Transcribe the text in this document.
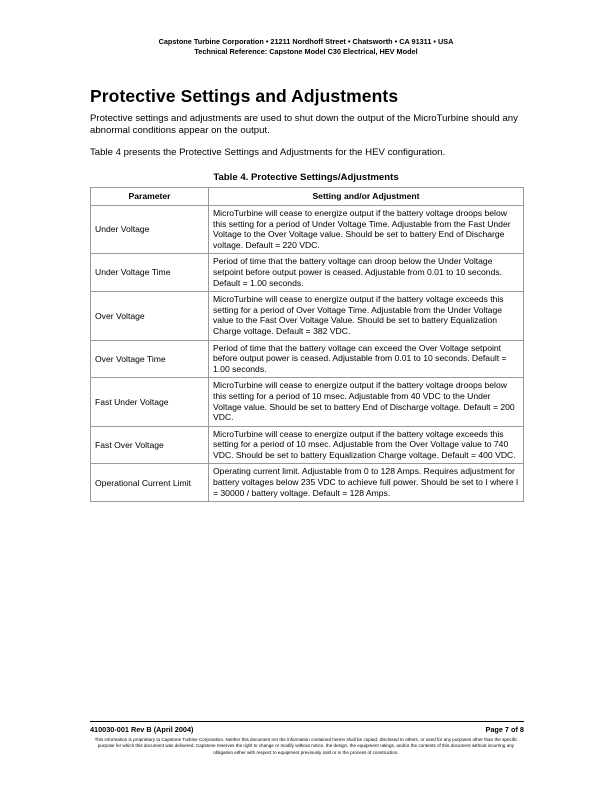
Capstone Turbine Corporation • 21211 Nordhoff Street • Chatsworth • CA 91311 • USA
Technical Reference: Capstone Model C30 Electrical, HEV Model
Protective Settings and Adjustments

Protective settings and adjustments are used to shut down the output of the MicroTurbine should any abnormal conditions appear on the output.

Table 4 presents the Protective Settings and Adjustments for the HEV configuration.

Table 4. Protective Settings/Adjustments
Parameter	Setting and/or Adjustment
Under Voltage	MicroTurbine will cease to energize output if the battery voltage droops below this setting for a period of Under Voltage Time. Adjustable from the Fast Under Voltage to the Over Voltage value. Should be set to battery End of Discharge voltage. Default = 220 VDC.
Under Voltage Time	Period of time that the battery voltage can droop below the Under Voltage setpoint before output power is ceased. Adjustable from 0.01 to 10 seconds. Default = 1.00 seconds.
Over Voltage	MicroTurbine will cease to energize output if the battery voltage exceeds this setting for a period of Over Voltage Time. Adjustable from the Under Voltage value to the Fast Over Voltage Value. Should be set to battery Equalization Charge voltage. Default = 382 VDC.
Over Voltage Time	Period of time that the battery voltage can exceed the Over Voltage setpoint before output power is ceased. Adjustable from 0.01 to 10 seconds. Default = 1.00 seconds.
Fast Under Voltage	MicroTurbine will cease to energize output if the battery voltage droops below this setting for a period of 10 msec. Adjustable from 40 VDC to the Under Voltage value. Should be set to battery End of Discharge voltage. Default = 200 VDC.
Fast Over Voltage	MicroTurbine will cease to energize output if the battery voltage exceeds this setting for a period of 10 msec. Adjustable from the Over Voltage value to 740 VDC. Should be set to battery Equalization Charge voltage. Default = 400 VDC.
Operational Current Limit	Operating current limit. Adjustable from 0 to 128 Amps. Requires adjustment for battery voltages below 235 VDC to achieve full power. Should be set to I where I = 30000 / battery voltage. Default = 128 Amps.
410030-001 Rev B (April 2004)	Page 7 of 8
This information is proprietary to Capstone Turbine Corporation. Neither this document nor the information contained herein shall be copied, disclosed to others, or used for any purposes other than the specific purpose for which this document was delivered. Capstone reserves the right to change or modify without notice, the design, the equipment ratings, and/or the contents of this document without incurring any obligation either with respect to equipment previously sold or in the process of construction.
